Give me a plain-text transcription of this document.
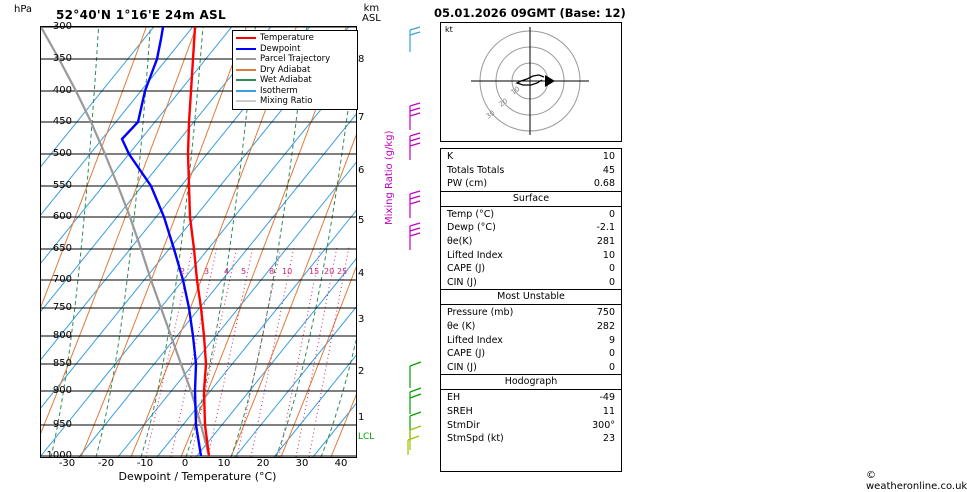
hPa 52°40'N 1°16'E 24m ASL	km
ASL
2 3 4 5	8 10 15 20 25
Temperature
Dewpoint
Parcel Trajectory
Dry Adiabat
Wet Adiabat
Isotherm
Mixing Ratio
300
350
400
450
500
550
600
650
700
750
800
850
900
950
1000
-30	-20	-10	0	10	20	30	40
Dewpoint / Temperature (°C)
8
7
6
5
4
3
2
1
LCL
Mixing Ratio (g/kg)
05.01.2026 09GMT (Base: 12)
kt
10
20
30
K	10
Totals Totals	45
PW (cm)	0.68
Surface
Temp (°C)	0
Dewp (°C)	-2.1
θe(K)	281
Lifted Index	10
CAPE (J)	0
CIN (J)	0
Most Unstable
Pressure (mb)	750
θe (K)	282
Lifted Index	9
CAPE (J)	0
CIN (J)	0
Hodograph
EH	-49
SREH	11
StmDir	300°
StmSpd (kt)	23
© weatheronline.co.uk
